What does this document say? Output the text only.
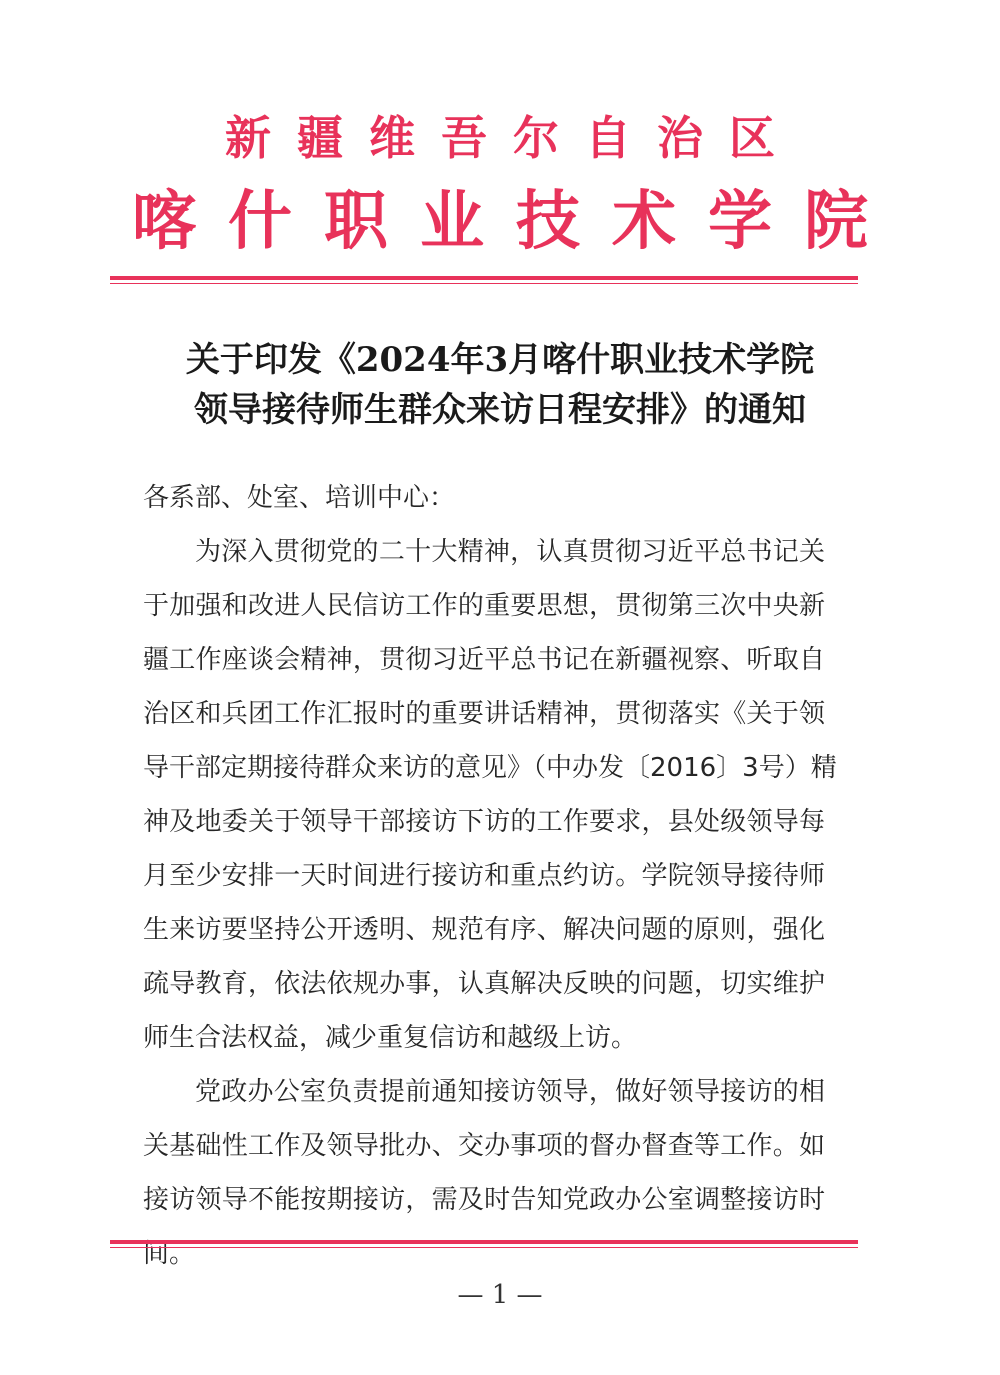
新疆维吾尔自治区
喀什职业技术学院
关于印发《2024年3月喀什职业技术学院
领导接待师生群众来访日程安排》的通知
各系部、处室、培训中心：
为深入贯彻党的二十大精神，认真贯彻习近平总书记关
于加强和改进人民信访工作的重要思想，贯彻第三次中央新
疆工作座谈会精神，贯彻习近平总书记在新疆视察、听取自
治区和兵团工作汇报时的重要讲话精神，贯彻落实《关于领
导干部定期接待群众来访的意见》（中办发〔2016〕3号）精
神及地委关于领导干部接访下访的工作要求，县处级领导每
月至少安排一天时间进行接访和重点约访。学院领导接待师
生来访要坚持公开透明、规范有序、解决问题的原则，强化
疏导教育，依法依规办事，认真解决反映的问题，切实维护
师生合法权益，减少重复信访和越级上访。
党政办公室负责提前通知接访领导，做好领导接访的相
关基础性工作及领导批办、交办事项的督办督查等工作。如
接访领导不能按期接访，需及时告知党政办公室调整接访时
间。
— 1 —
